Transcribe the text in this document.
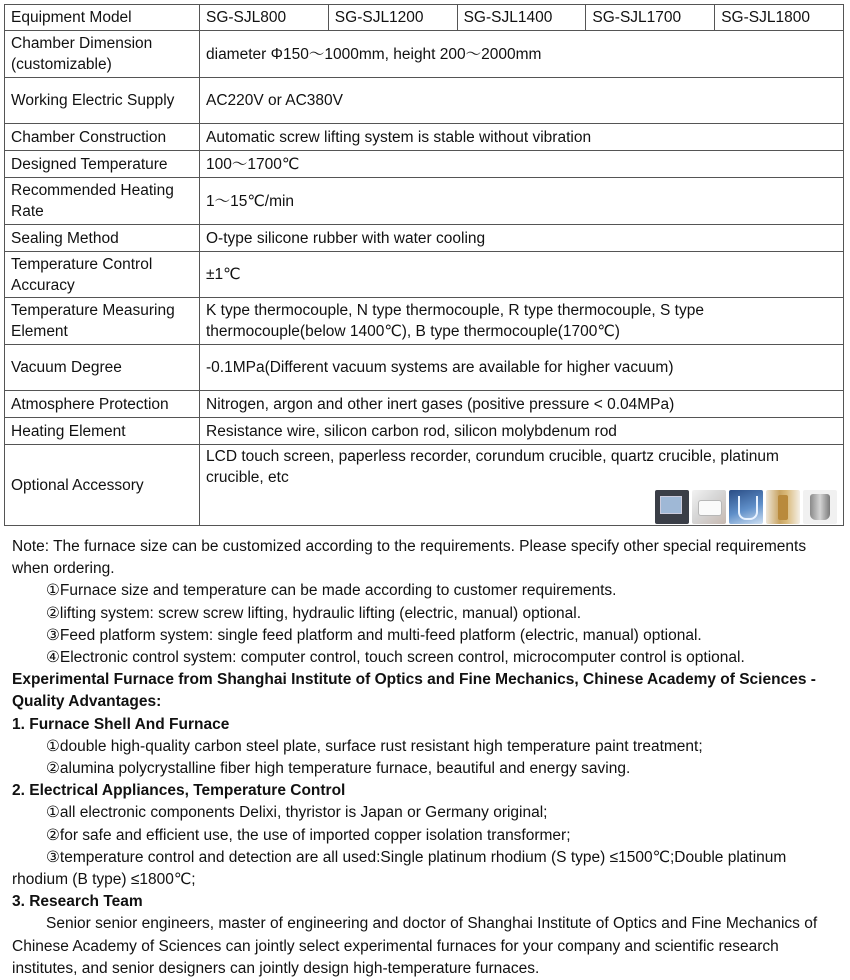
Equipment Model	SG-SJL800	SG-SJL1200	SG-SJL1400	SG-SJL1700	SG-SJL1800
Chamber Dimension (customizable)	diameter Φ150～1000mm, height 200～2000mm				
Working Electric Supply	AC220V or AC380V				
Chamber Construction	Automatic screw lifting system is stable without vibration				
Designed Temperature	100～1700℃				
Recommended Heating Rate	1～15℃/min				
Sealing Method	O-type silicone rubber with water cooling				
Temperature Control Accuracy	±1℃				
Temperature Measuring Element	K type thermocouple, N type thermocouple, R type thermocouple, S type thermocouple(below 1400℃), B type thermocouple(1700℃)				
Vacuum Degree	-0.1MPa(Different vacuum systems are available for higher vacuum)				
Atmosphere Protection	Nitrogen, argon and other inert gases (positive pressure < 0.04MPa)				
Heating Element	Resistance wire, silicon carbon rod, silicon molybdenum rod				
Optional Accessory	LCD touch screen, paperless recorder, corundum crucible, quartz crucible, platinum crucible, etc				

Note: The furnace size can be customized according to the requirements. Please specify other special requirements when ordering.

①Furnace size and temperature can be made according to customer requirements.

②lifting system: screw screw lifting, hydraulic lifting (electric, manual) optional.

③Feed platform system: single feed platform and multi-feed platform (electric, manual) optional.

④Electronic control system: computer control, touch screen control, microcomputer control is optional.

Experimental Furnace from Shanghai Institute of Optics and Fine Mechanics, Chinese Academy of Sciences - Quality Advantages:

1. Furnace Shell And Furnace

①double high-quality carbon steel plate, surface rust resistant high temperature paint treatment;

②alumina polycrystalline fiber high temperature furnace, beautiful and energy saving.

2. Electrical Appliances, Temperature Control

①all electronic components Delixi, thyristor is Japan or Germany original;

②for safe and efficient use, the use of imported copper isolation transformer;

③temperature control and detection are all used:Single platinum rhodium (S type) ≤1500℃;Double platinum rhodium (B type) ≤1800℃;

3. Research Team

Senior senior engineers, master of engineering and doctor of Shanghai Institute of Optics and Fine Mechanics of Chinese Academy of Sciences can jointly select experimental furnaces for your company and scientific research institutes, and senior designers can jointly design high-temperature furnaces.
